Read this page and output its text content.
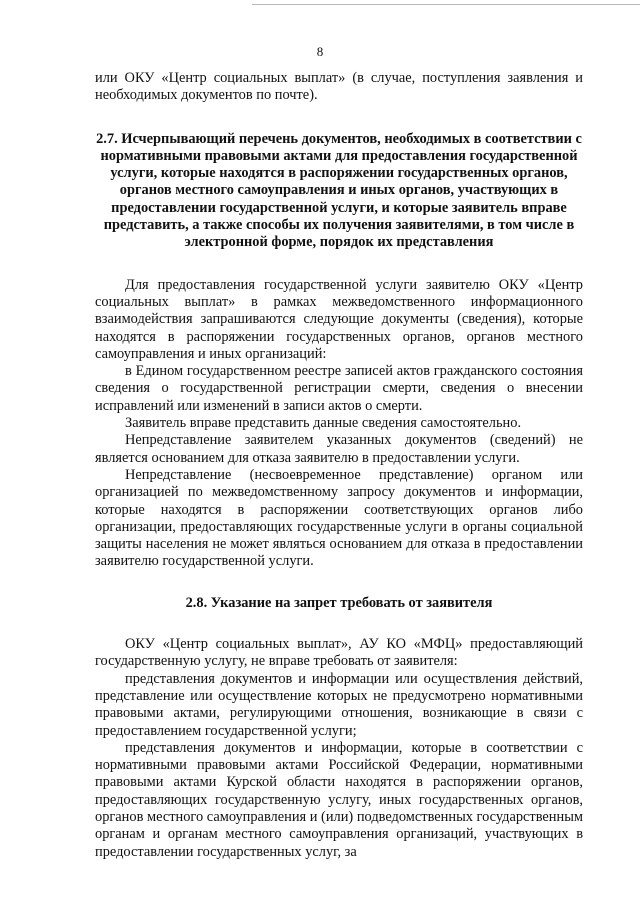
8

или ОКУ «Центр социальных выплат» (в случае, поступления заявления и необходимых документов по почте).

2.7. Исчерпывающий перечень документов, необходимых в соответствии с нормативными правовыми актами для предоставления государственной услуги, которые находятся в распоряжении государственных органов, органов местного самоуправления и иных органов, участвующих в предоставлении государственной услуги, и которые заявитель вправе представить, а также способы их получения заявителями, в том числе в электронной форме, порядок их представления

Для предоставления государственной услуги заявителю ОКУ «Центр социальных выплат» в рамках межведомственного информационного взаимодействия запрашиваются следующие документы (сведения), которые находятся в распоряжении государственных органов, органов местного самоуправления и иных организаций:

в Едином государственном реестре записей актов гражданского состояния сведения о государственной регистрации смерти, сведения о внесении исправлений или изменений в записи актов о смерти.

Заявитель вправе представить данные сведения самостоятельно.

Непредставление заявителем указанных документов (сведений) не является основанием для отказа заявителю в предоставлении услуги.

Непредставление (несвоевременное представление) органом или организацией по межведомственному запросу документов и информации, которые находятся в распоряжении соответствующих органов либо организации, предоставляющих государственные услуги в органы социальной защиты населения не может являться основанием для отказа в предоставлении заявителю государственной услуги.

2.8. Указание на запрет требовать от заявителя

ОКУ «Центр социальных выплат», АУ КО «МФЦ» предоставляющий государственную услугу, не вправе требовать от заявителя:

представления документов и информации или осуществления действий, представление или осуществление которых не предусмотрено нормативными правовыми актами, регулирующими отношения, возникающие в связи с предоставлением государственной услуги;

представления документов и информации, которые в соответствии с нормативными правовыми актами Российской Федерации, нормативными правовыми актами Курской области находятся в распоряжении органов, предоставляющих государственную услугу, иных государственных органов, органов местного самоуправления и (или) подведомственных государственным органам и органам местного самоуправления организаций, участвующих в предоставлении государственных услуг, за
